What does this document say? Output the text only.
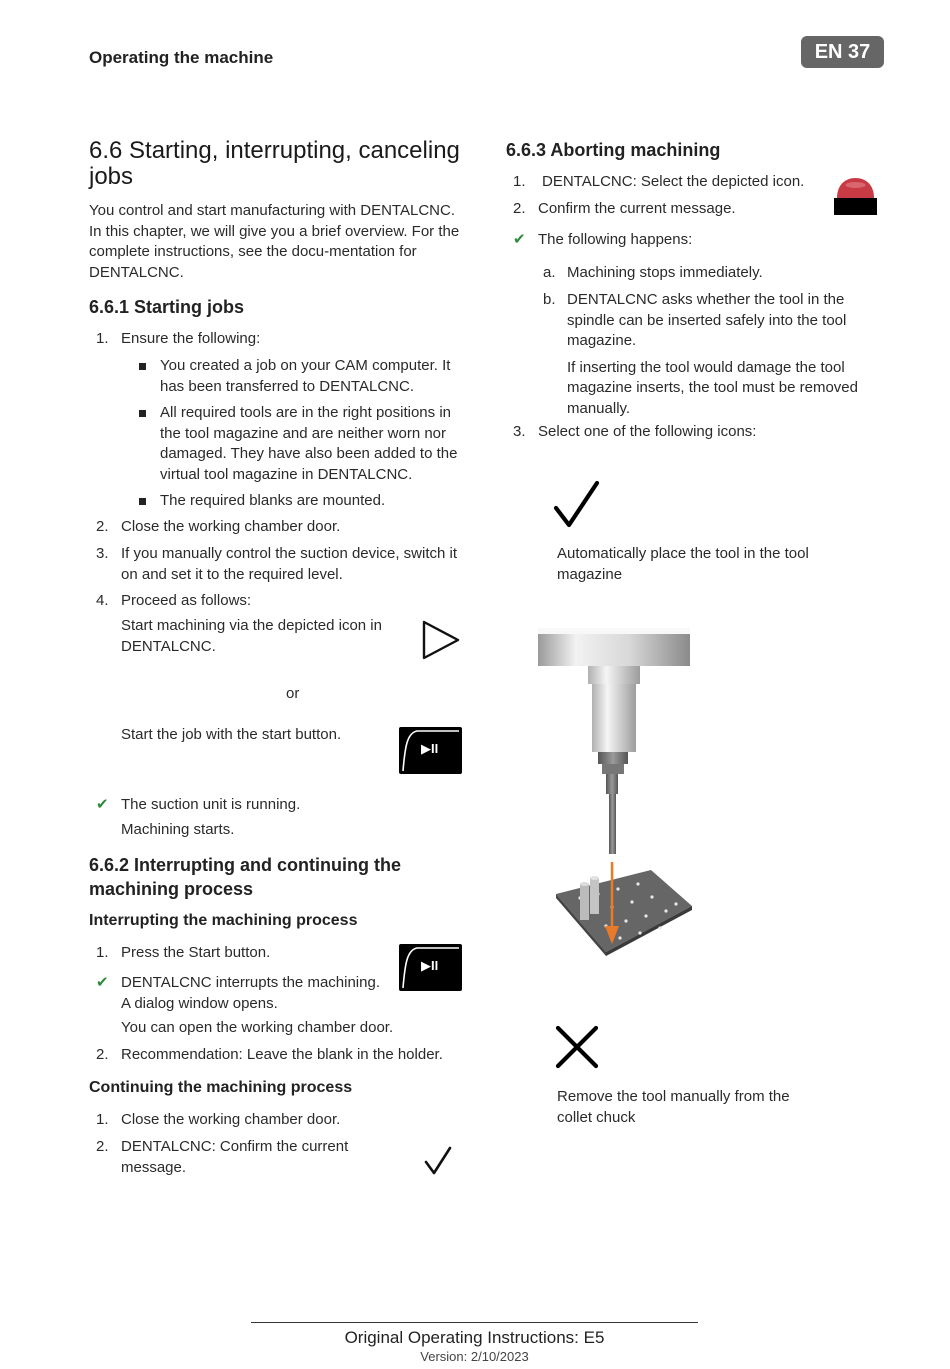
Operating the machine	EN 37
6.6 Starting, interrupting, canceling jobs
You control and start manufacturing with DENTALCNC. In this chapter, we will give you a brief overview. For the complete instructions, see the docu-mentation for DENTALCNC.
6.6.1 Starting jobs
1. Ensure the following:
You created a job on your CAM computer. It has been transferred to DENTALCNC.
All required tools are in the right positions in the tool magazine and are neither worn nor damaged. They have also been added to the virtual tool magazine in DENTALCNC.
The required blanks are mounted.
2. Close the working chamber door.
3. If you manually control the suction device, switch it on and set it to the required level.
4. Proceed as follows:
Start machining via the depicted icon in DENTALCNC.
or
Start the job with the start button.
▶II
✔ The suction unit is running.
Machining starts.
6.6.2 Interrupting and continuing the machining process
Interrupting the machining process
1. Press the Start button.
▶II
✔ DENTALCNC interrupts the machining. A dialog window opens.
You can open the working chamber door.
2. Recommendation: Leave the blank in the holder.
Continuing the machining process
1. Close the working chamber door.
2. DENTALCNC: Confirm the current message.
6.6.3 Aborting machining
1. DENTALCNC: Select the depicted icon.
2. Confirm the current message.
✔ The following happens:
a. Machining stops immediately.
b. DENTALCNC asks whether the tool in the spindle can be inserted safely into the tool magazine.
If inserting the tool would damage the tool magazine inserts, the tool must be removed manually.
3. Select one of the following icons:
Automatically place the tool in the tool magazine
Remove the tool manually from the collet chuck
Original Operating Instructions: E5
Version: 2/10/2023
